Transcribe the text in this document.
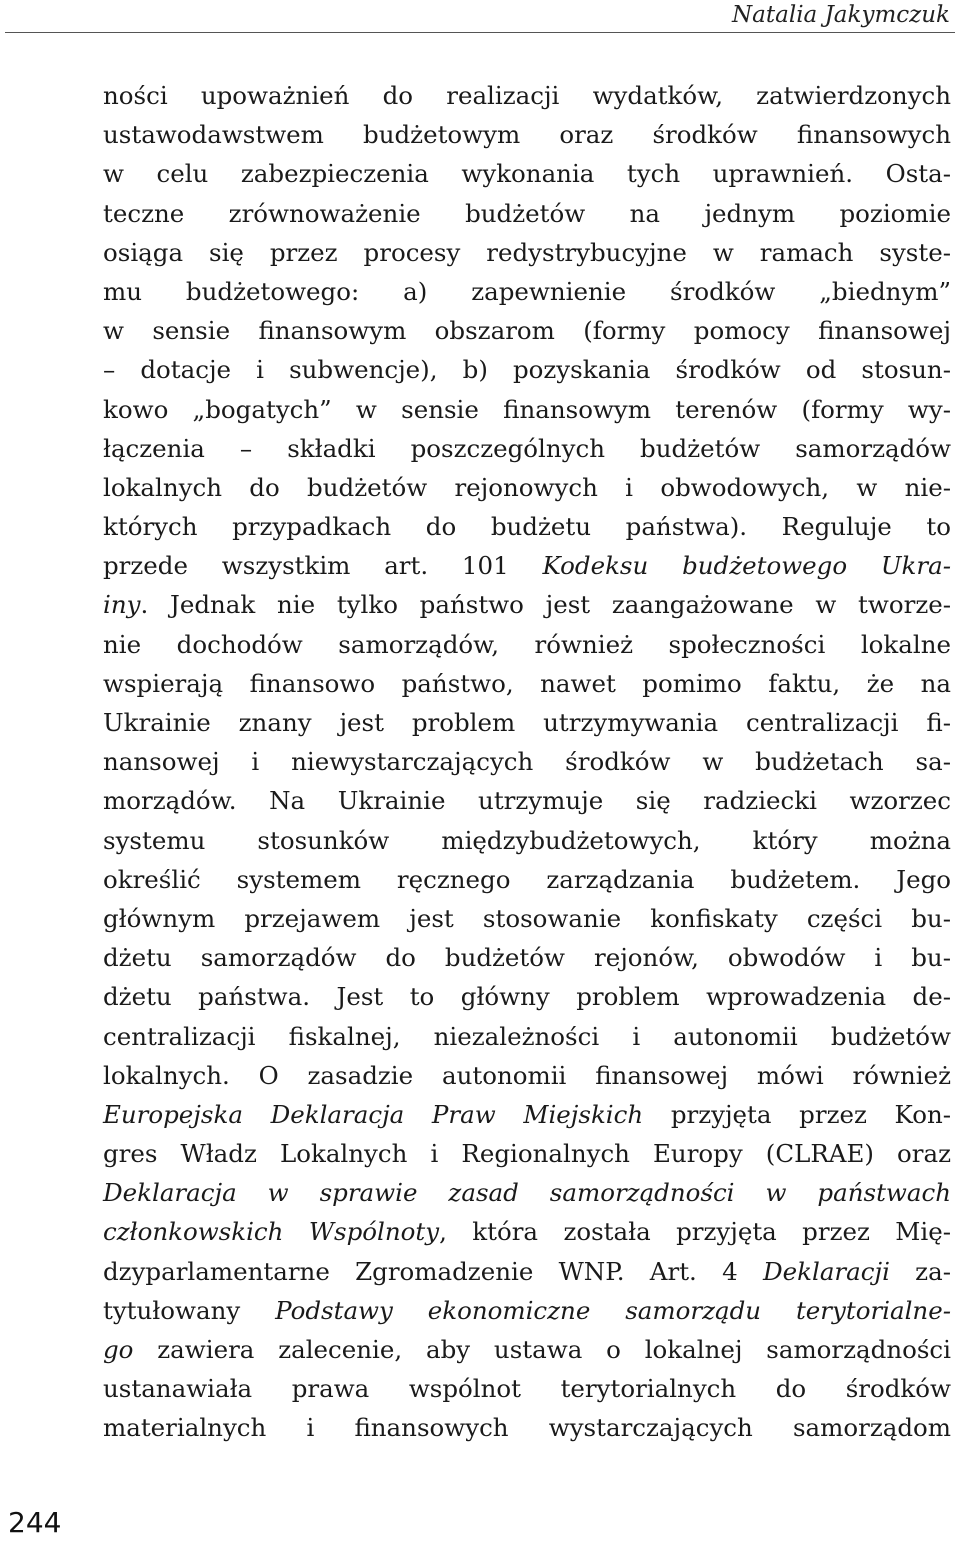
Natalia Jakymczuk
ności upoważnień do realizacji wydatków, zatwierdzonych
ustawodawstwem budżetowym oraz środków finansowych
w celu zabezpieczenia wykonania tych uprawnień. Osta-
teczne zrównoważenie budżetów na jednym poziomie
osiąga się przez procesy redystrybucyjne w ramach syste-
mu budżetowego: a) zapewnienie środków „biednym”
w sensie finansowym obszarom (formy pomocy finansowej
– dotacje i subwencje), b) pozyskania środków od stosun-
kowo „bogatych” w sensie finansowym terenów (formy wy-
łączenia – składki poszczególnych budżetów samorządów
lokalnych do budżetów rejonowych i obwodowych, w nie-
których przypadkach do budżetu państwa). Reguluje to
przede wszystkim art. 101 Kodeksu budżetowego Ukra-
iny. Jednak nie tylko państwo jest zaangażowane w tworze-
nie dochodów samorządów, również społeczności lokalne
wspierają finansowo państwo, nawet pomimo faktu, że na
Ukrainie znany jest problem utrzymywania centralizacji fi-
nansowej i niewystarczających środków w budżetach sa-
morządów. Na Ukrainie utrzymuje się radziecki wzorzec
systemu stosunków międzybudżetowych, który można
określić systemem ręcznego zarządzania budżetem. Jego
głównym przejawem jest stosowanie konfiskaty części bu-
dżetu samorządów do budżetów rejonów, obwodów i bu-
dżetu państwa. Jest to główny problem wprowadzenia de-
centralizacji fiskalnej, niezależności i autonomii budżetów
lokalnych. O zasadzie autonomii finansowej mówi również
Europejska Deklaracja Praw Miejskich przyjęta przez Kon-
gres Władz Lokalnych i Regionalnych Europy (CLRAE) oraz
Deklaracja w sprawie zasad samorządności w państwach
członkowskich Wspólnoty, która została przyjęta przez Mię-
dzyparlamentarne Zgromadzenie WNP. Art. 4 Deklaracji za-
tytułowany Podstawy ekonomiczne samorządu terytorialne-
go zawiera zalecenie, aby ustawa o lokalnej samorządności
ustanawiała prawa wspólnot terytorialnych do środków
materialnych i finansowych wystarczających samorządom
244
